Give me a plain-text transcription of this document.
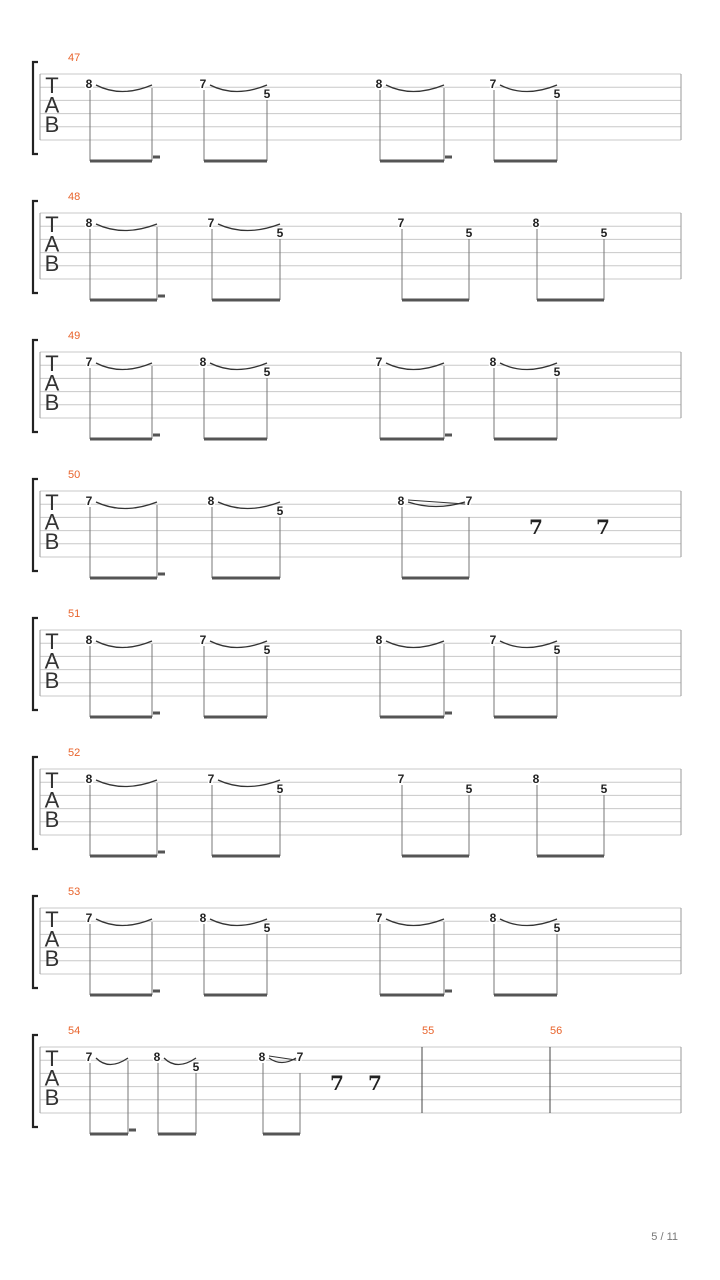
T
A
B
47
8	7
5
8	7
5
T
A
B
48
8	7
5
7
5
8
5
T
A
B
49
7	8
5
7	8
5
T
A
B
50
7	8
5
8	7
7	7
T
A
B
51
8	7
5
8	7
5
T
A
B
52
8	7
5
7
5
8
5
T
A
B
53
7	8
5
7	8
5
T
A
B
54	55	56
7	8
5
8	7
7 7
5 / 11
